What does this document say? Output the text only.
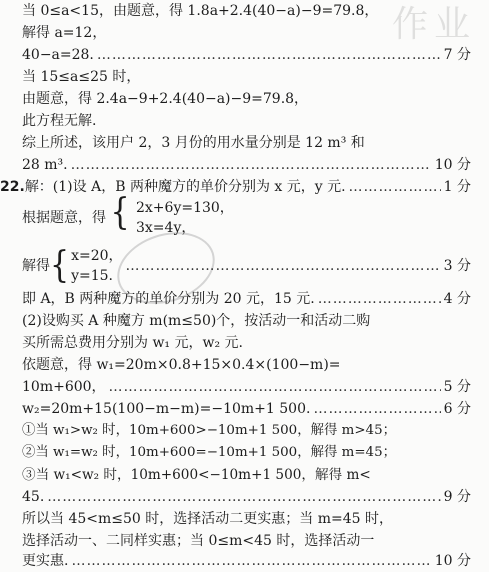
作业
当 0≤a<15，由题意，得 1.8a+2.4(40−a)−9=79.8，
解得 a=12，
40−a=28. …………………………………………………………………………………………………………………………	7 分
当 15≤a≤25 时，
由题意，得 2.4a−9+2.4(40−a)−9=79.8，
此方程无解.
综上所述，该用户 2，3 月份的用水量分别是 12 m³ 和
28 m³. …………………………………………………………………………………………………………………………	10 分
22. 解：(1)设 A，B 两种魔方的单价分别为 x 元，y 元. …………………………………………………………………………………………………………………………	1 分
根据题意，得 { 2x+6y=130，
3x=4y，
解得 { x=20，
y=15.
…………………………………………………………………………………………………………………………
3 分
即 A，B 两种魔方的单价分别为 20 元，15 元. …………………………………………………………………………………………………………………………	4 分
(2)设购买 A 种魔方 m(m≤50)个，按活动一和活动二购
买所需总费用分别为 w₁ 元，w₂ 元.
依题意，得 w₁=20m×0.8+15×0.4×(100−m)=
10m+600， …………………………………………………………………………………………………………………………	5 分
w₂=20m+15(100−m−m)=−10m+1 500. …………………………………………………………………………………………………………………………	6 分
①当 w₁>w₂ 时，10m+600>−10m+1 500，解得 m>45；
②当 w₁=w₂ 时，10m+600=−10m+1 500，解得 m=45；
③当 w₁<w₂ 时，10m+600<−10m+1 500，解得 m<
45. …………………………………………………………………………………………………………………………	9 分
所以当 45<m≤50 时，选择活动二更实惠；当 m=45 时，
选择活动一、二同样实惠；当 0≤m<45 时，选择活动一
更实惠. …………………………………………………………………………………………………………………………	10 分
